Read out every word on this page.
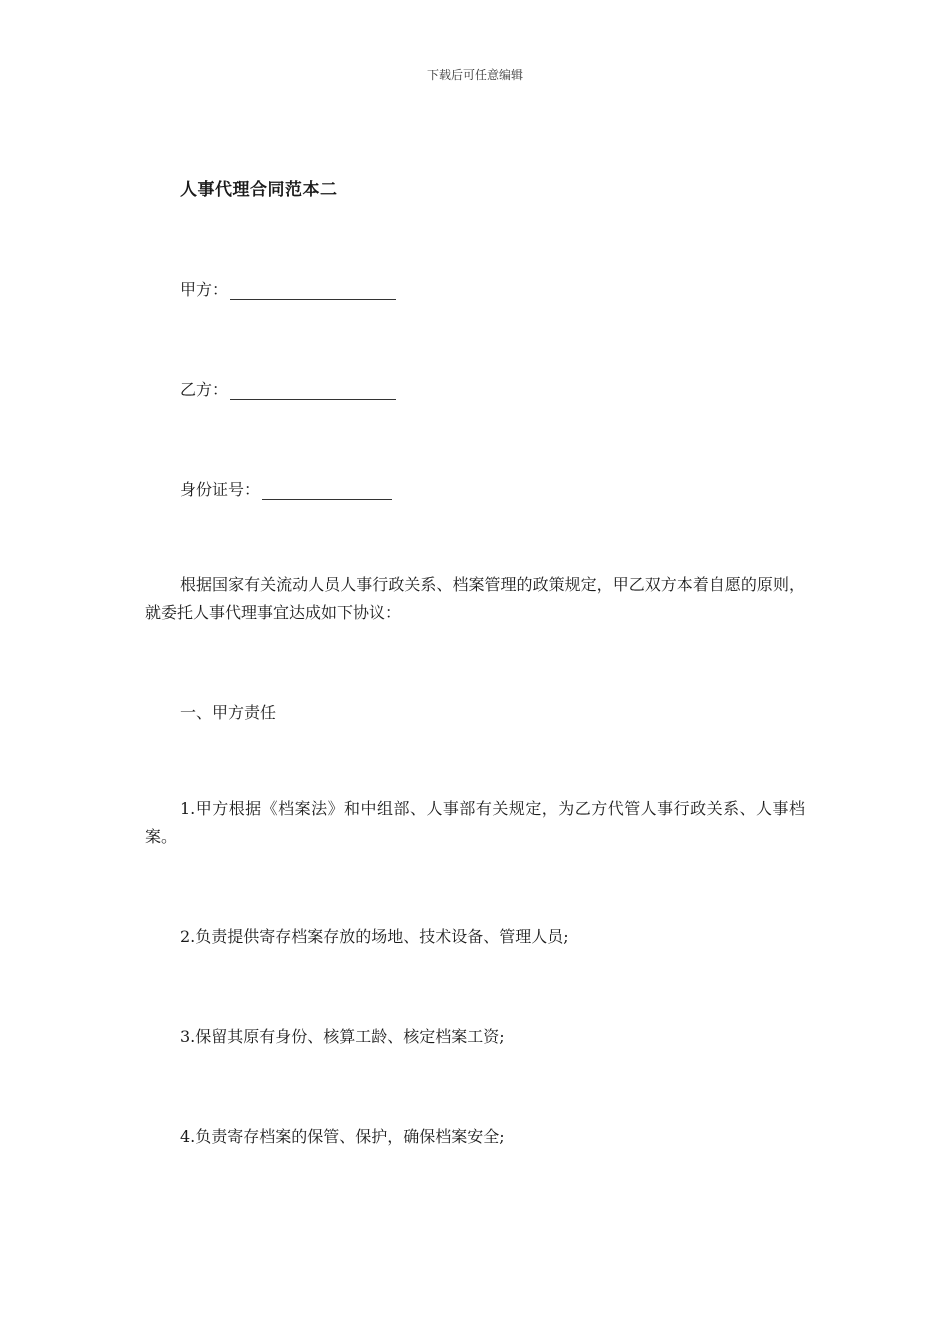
下载后可任意编辑
人事代理合同范本二
甲方：
乙方：
身份证号：
根据国家有关流动人员人事行政关系、档案管理的政策规定，甲乙双方本着自愿的原则，就委托人事代理事宜达成如下协议：
一、甲方责任
1.甲方根据《档案法》和中组部、人事部有关规定，为乙方代管人事行政关系、人事档案。
2.负责提供寄存档案存放的场地、技术设备、管理人员;
3.保留其原有身份、核算工龄、核定档案工资;
4.负责寄存档案的保管、保护，确保档案安全;
